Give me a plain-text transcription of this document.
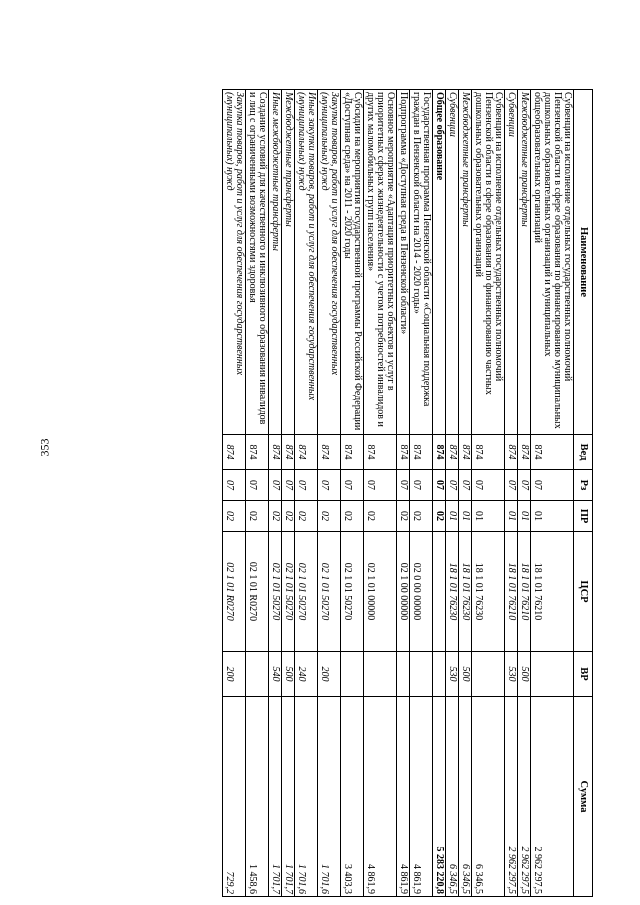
353
Наименование	Вед	Рз	ПР	ЦСР	ВР	Сумма
Субвенции на исполнение отдельных государственных полномочий Пензенской области в сфере образования по финансированию муниципальных дошкольных образовательных организаций и муниципальных общеобразовательных организаций	874	07	01	18 1 01 76210		2 962 297,5
Межбюджетные трансферты	874	07	01	18 1 01 76210	500	2 962 297,5
Субвенции	874	07	01	18 1 01 76210	530	2 962 297,5
Субвенции на исполнение отдельных государственных полномочий Пензенской области в сфере образования по финансированию частных дошкольных образовательных организаций	874	07	01	18 1 01 76230		6 346,5
Межбюджетные трансферты	874	07	01	18 1 01 76230	500	6 346,5
Субвенции	874	07	01	18 1 01 76230	530	6 346,5
Общее образование	874	07	02			5 283 220,8
Государственная программа Пензенской области «Социальная поддержка граждан в Пензенской области на 2014 - 2020 годы»	874	07	02	02 0 00 00000		4 861,9
Подпрограмма «Доступная среда в Пензенской области»	874	07	02	02 1 00 00000		4 861,9
Основное мероприятие «Адаптация приоритетных объектов и услуг в приоритетных сферах жизнедеятельности с учетом потребностей инвалидов и других маломобильных групп населения»	874	07	02	02 1 01 00000		4 861,9
Субсидии на мероприятия государственной программы Российской Федерации «Доступная среда» на 2011 - 2020 годы	874	07	02	02 1 01 50270		3 403,3
Закупка товаров, работ и услуг для обеспечения государственных (муниципальных) нужд	874	07	02	02 1 01 50270	200	1 701,6
Иные закупки товаров, работ и услуг для обеспечения государственных (муниципальных) нужд	874	07	02	02 1 01 50270	240	1 701,6
Межбюджетные трансферты	874	07	02	02 1 01 50270	500	1 701,7
Иные межбюджетные трансферты	874	07	02	02 1 01 50270	540	1 701,7
Создание условий для качественного и инклюзивного образования инвалидов и лиц с ограниченными возможностями здоровья	874	07	02	02 1 01 R0270		1 458,6
Закупка товаров, работ и услуг для обеспечения государственных (муниципальных) нужд	874	07	02	02 1 01 R0270	200	729,2
